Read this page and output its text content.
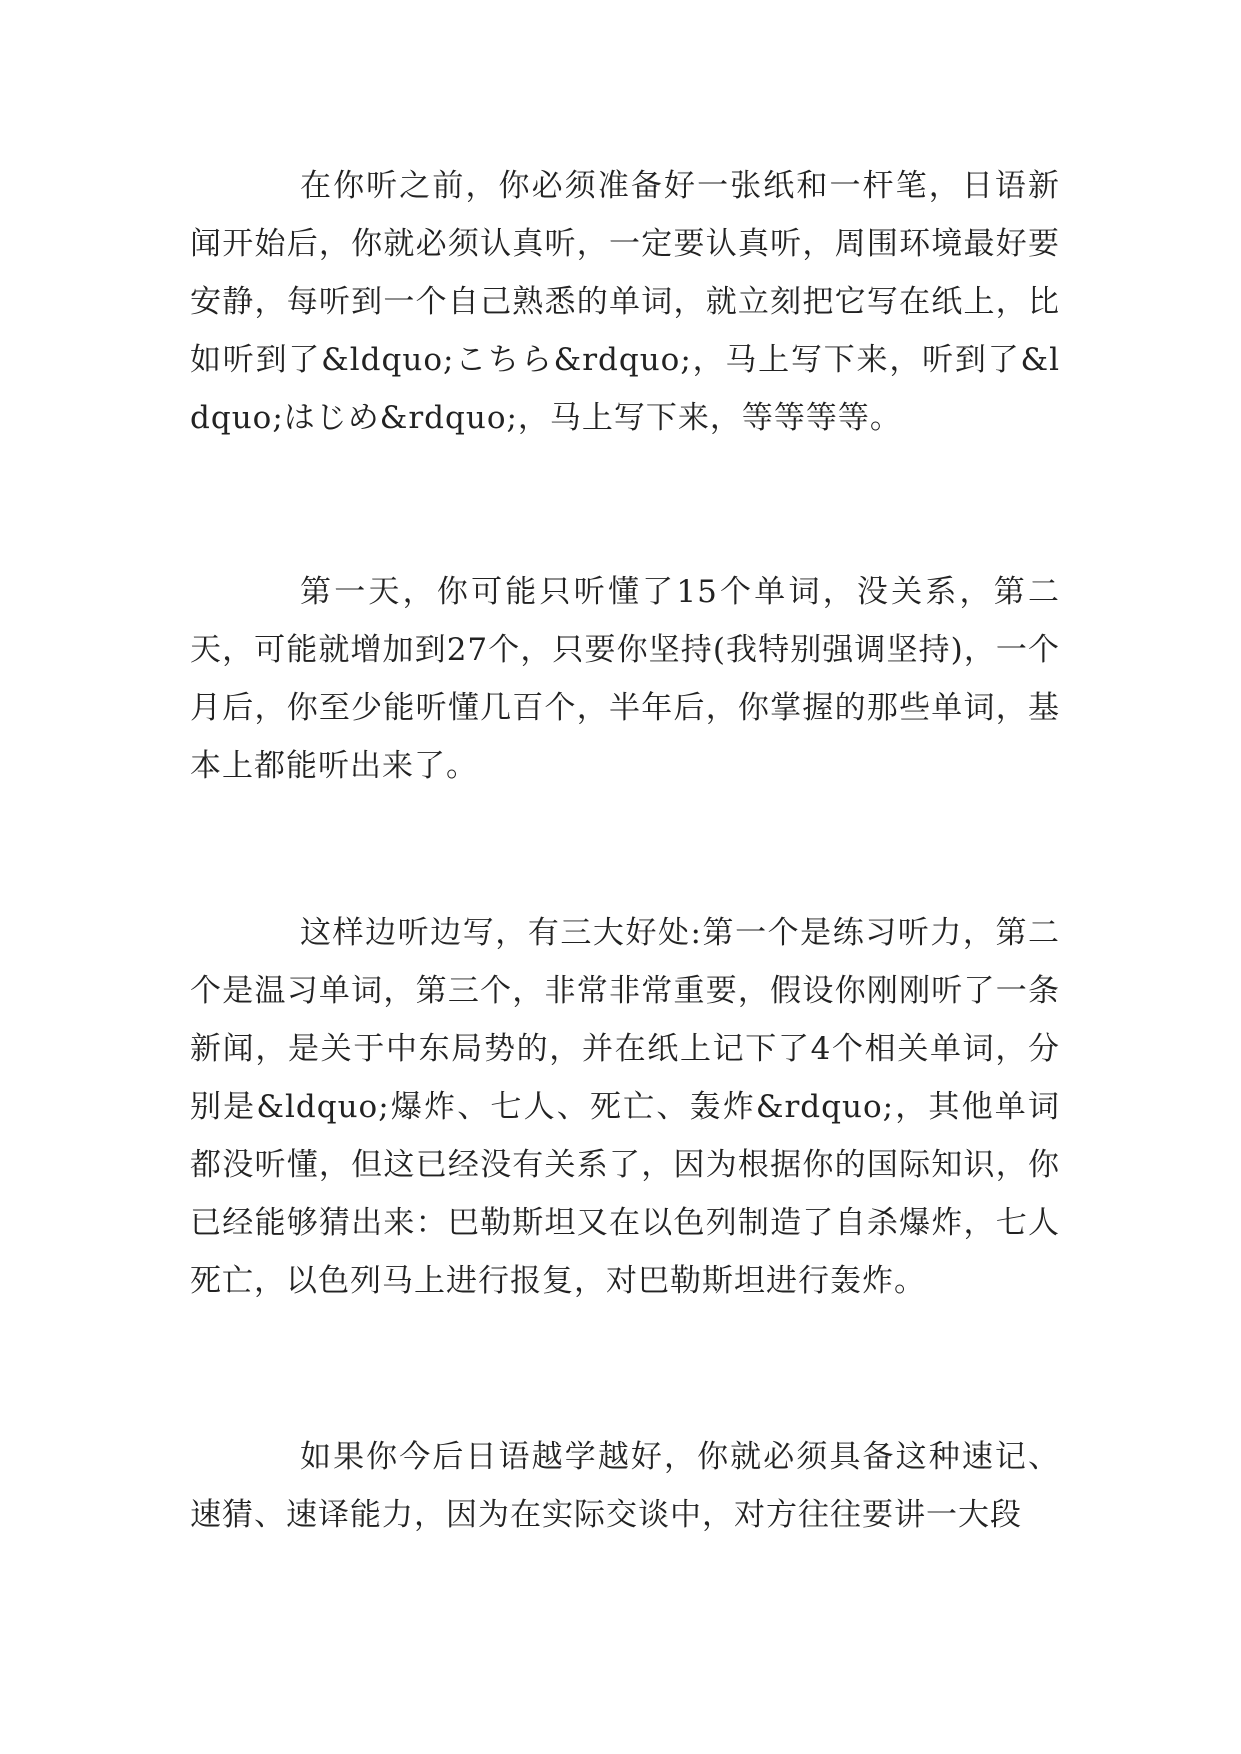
在你听之前，你必须准备好一张纸和一杆笔，日语新闻开始后，你就必须认真听，一定要认真听，周围环境最好要安静，每听到一个自己熟悉的单词，就立刻把它写在纸上，比如听到了&ldquo;こちら&rdquo;，马上写下来，听到了&ldquo;はじめ&rdquo;，马上写下来，等等等等。

第一天，你可能只听懂了15个单词，没关系，第二天，可能就增加到27个，只要你坚持(我特别强调坚持)，一个月后，你至少能听懂几百个，半年后，你掌握的那些单词，基本上都能听出来了。

这样边听边写，有三大好处:第一个是练习听力，第二个是温习单词，第三个，非常非常重要，假设你刚刚听了一条新闻，是关于中东局势的，并在纸上记下了4个相关单词，分别是&ldquo;爆炸、七人、死亡、轰炸&rdquo;，其他单词都没听懂，但这已经没有关系了，因为根据你的国际知识，你已经能够猜出来：巴勒斯坦又在以色列制造了自杀爆炸，七人死亡，以色列马上进行报复，对巴勒斯坦进行轰炸。

如果你今后日语越学越好，你就必须具备这种速记、速猜、速译能力，因为在实际交谈中，对方往往要讲一大段
